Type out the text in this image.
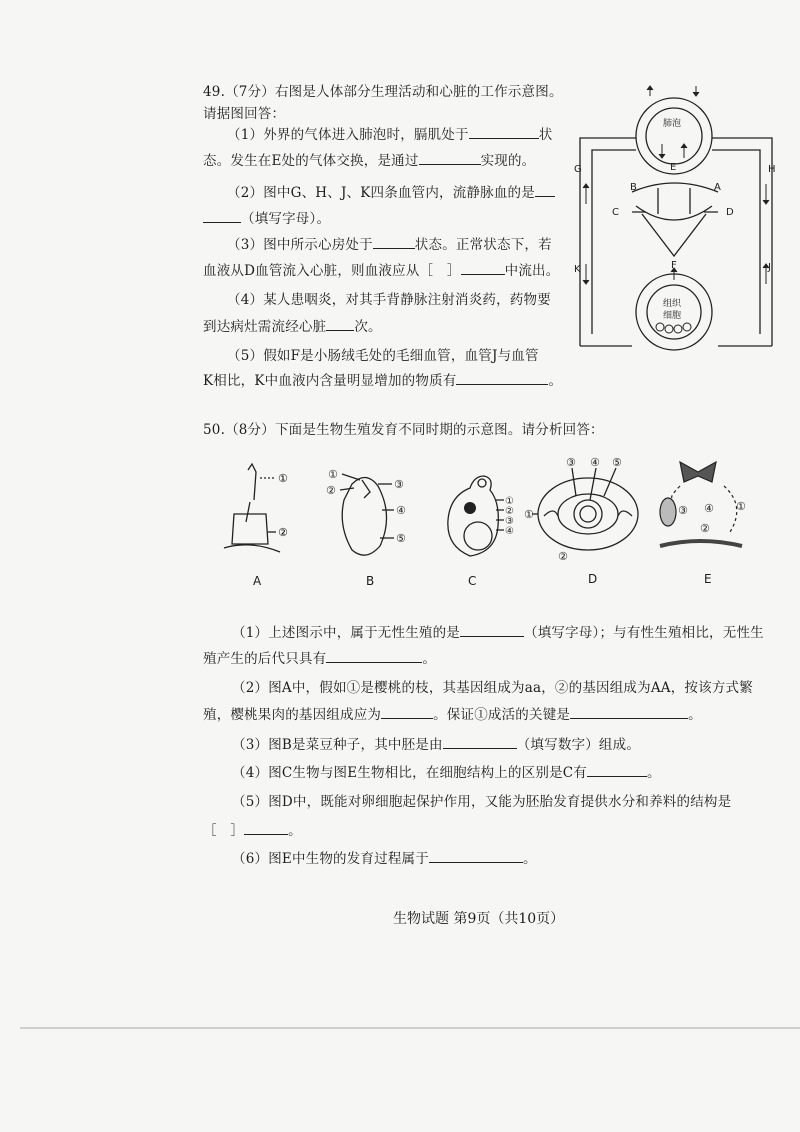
49.（7分）右图是人体部分生理活动和心脏的工作示意图。
请据图回答：
（1）外界的气体进入肺泡时，膈肌处于	状
态。发生在E处的气体交换，是通过	实现的。
（2）图中G、H、J、K四条血管内，流静脉血的是
（填写字母）。
（3）图中所示心房处于	状态。正常状态下，若
血液从D血管流入心脏，则血液应从［　］	中流出。
（4）某人患咽炎，对其手背静脉注射消炎药，药物要
到达病灶需流经心脏 次。
（5）假如F是小肠绒毛处的毛细血管，血管J与血管
K相比，K中血液内含量明显增加的物质有	。
肺泡
组织
细胞
G	E	H
B	A
C	D
K	F	J
50.（8分）下面是生物生殖发育不同时期的示意图。请分析回答：
①
②
①
②	③
④
⑤
①
②
③
④
①
②
③ ④ ⑤
①
②
③ ④
A	B	C	D	E
（1）上述图示中，属于无性生殖的是	（填写字母）；与有性生殖相比，无性生
殖产生的后代只具有	。
（2）图A中，假如①是樱桃的枝，其基因组成为aa，②的基因组成为AA，按该方式繁
殖，樱桃果肉的基因组成应为	。保证①成活的关键是	。
（3）图B是菜豆种子，其中胚是由	（填写数字）组成。
（4）图C生物与图E生物相比，在细胞结构上的区别是C有	。
（5）图D中，既能对卵细胞起保护作用，又能为胚胎发育提供水分和养料的结构是
［　］	。
（6）图E中生物的发育过程属于	。
生物试题 第9页（共10页）
